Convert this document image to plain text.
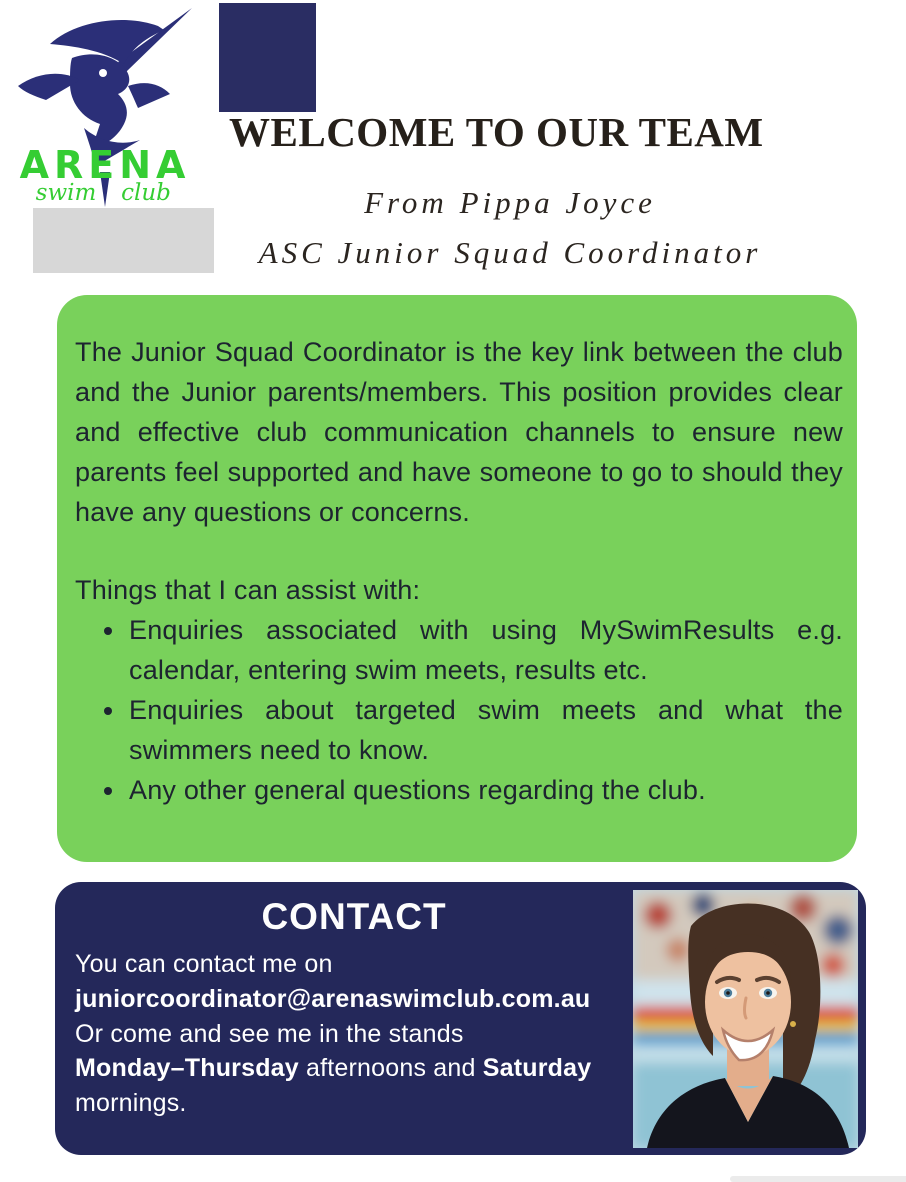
ARENA
swim club
WELCOME TO OUR TEAM
From Pippa Joyce
ASC Junior Squad Coordinator

The Junior Squad Coordinator is the key link between the club and the Junior parents/members. This position provides clear and effective club communication channels to ensure new parents feel supported and have someone to go to should they have any questions or concerns.

Things that I can assist with:

• Enquiries associated with using MySwimResults e.g. calendar, entering swim meets, results etc.
• Enquiries about targeted swim meets and what the swimmers need to know.
• Any other general questions regarding the club.
CONTACT

You can contact me on

juniorcoordinator@arenaswimclub.com.au

Or come and see me in the stands

Monday–Thursday afternoons and Saturday

mornings.
